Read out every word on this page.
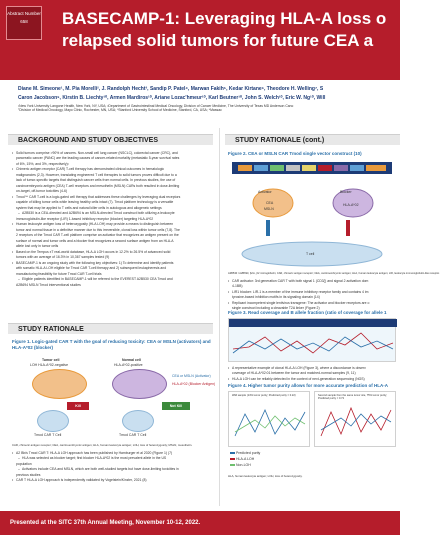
Abstract Number
658	BASECAMP-1: Leveraging HLA-A loss o
relapsed solid tumors for future CEA a
Diane M. Simeone¹, M. Pia Morelli², J. Randolph Hecht³, Sandip P. Patel⁴, Marwan Fakih⁵, Kedar Kirtane⁶, Theodore H. Welling⁷, S
Caron Jacobson⁹, Kirstin B. Liechty¹⁰, Armen Mardiros¹⁰, Ariane Lozac'hmeur¹⁰, Karl Beutner¹⁰, John S. Welch¹⁰, Eric W. Ng¹⁰, Will
¹New York University Langone Health, New York, NY, USA; ²Department of Gastrointestinal Medical Oncology, Division of Cancer Medicine, The University of Texas MD Anderson Canc
⁷Division of Medical Oncology, Mayo Clinic, Rochester, MN, USA; ⁸Stanford University School of Medicine, Stanford, CA, USA; ⁹Massac
BACKGROUND AND STUDY OBJECTIVES

• Solid tumors comprise >90% of cancers. Non-small cell lung cancer (NSCLC), colorectal cancer (CRC), and

pancreatic cancer (PANC) are the leading causes of cancer-related mortality (metastatic 5-year survival rates

of 6%, 15%, and 3%, respectively)¹

• Chimeric antigen receptor (CAR) T-cell therapy has demonstrated clinical outcomes in hematologic

malignancies (2,3). However, translating engineered T cell therapies to solid tumors proves difficult due to a

lack of tumor-specific targets that distinguish cancer cells from normal cells. In previous studies, the use of

carcinoembryonic antigen (CEA) T-cell receptors and mesothelin (MSLN) CARs both resulted in dose-limiting

on-target, off-tumor toxicities (4-6)

• Tmod™ CAR T-cell is a logic-gated cell therapy that addresses these challenges by leveraging dual receptors

capable of killing tumor cells while leaving healthy cells intact (7). Tmod platform technology is a versatile

system that may be applied to T cells and natural killer cells in autologous and allogeneic settings

– A2B530 is a CEA-directed and A2B694 is an MSLN-directed Tmod construct both utilizing a leukocyte

immunoglobulin-like receptor (LIR) 1-based inhibitory receptor (blocker) targeting HLA-A*02

• Human leukocyte antigen loss of heterozygosity (HLA LOH) may provide a means to distinguish between

tumor and normal tissue in a definitive manner due to this irreversible, clonal loss within tumor cells (7,8). The

2 receptors of the Tmod CAR T-cell platform comprise an activator that recognizes an antigen present on the

surface of normal and tumor cells and a blocker that recognizes a second surface antigen from an HLA-A

allele lost only in tumor cells

• Based on the Tempus xT real-world database, HLA-A LOH occurs in 12.2% to 26.5% of advanced solid

tumors with an average of 16.3% in 10,367 samples tested (9)

• BASECAMP-1 is an ongoing study with the following key objectives: 1) To determine and identify patients

with somatic HLA-A LOH eligible for Tmod CAR T-cell therapy and 2) subsequent leukapheresis and

manufacturing feasibility for future Tmod CAR T-cell trials

– Eligible patients identified in BASECAMP-1 will be referred to the EVEREST A2B530 CEA Tmod and

A2B694 MSLN Tmod interventional studies

STUDY RATIONALE
Figure 1. Logic-gated CAR T with the goal of reducing toxicity: CEA or MSLN (activators) and HLA-A*02 (blocker)
Tumor cell
LOH HLA-A*02-negative
Normal cell
HLA-A*02-positive
CEA or MSLN (Activator)
HLA-A*02 (Blocker Antigen)
Kill	Not Kill
Tmod CAR T Cell	Tmod CAR T Cell
CAR, chimeric antigen receptor; CEA, carcinoembryonic antigen; HLA, human leukocyte antigen; LOH, loss of heterozygosity; MSLN, mesothelin.

• A2 Bb/s Tmod CAR T: HLA-A LOH approach has been published by Hamburger et al 2020 (Figure 1) (7)

– HLA was selected as blocker target; first blocker HLA-A*02 is the most prevalent allele in the US

population

– Activators include CEA and MSLN, which are both well-studied targets but have dose-limiting toxicities in

previous studies

• CAR T HLA-A LOH approach is independently validated by Vogelstein/Kinzler, 2021 (8)

STUDY RATIONALE (cont.)
Figure 2. CEA or MSLN CAR Tmod single vector construct (10)
Activator	Blocker
CEA
MSLN
HLA-A*02
T cell
A2B530 / A2B694; β2m, β2 microglobulin; CAR, chimeric antigen receptor; CEA, carcinoembryonic antigen; HLA, human leukocyte antigen; LIR, leukocyte immunoglobulin-like receptor.

• CAR activator: 3rd generation CAR T with both signal 1 (CD3ζ) and signal 2 activation dom

4-1BB)

• LIR1 blocker: LIR-1 is a member of the immune inhibitory receptor family and contains 4 im

tyrosine-based inhibition motifs in its signaling domain (14)

• Replicant incompetent single lentivirus transgene: The activator and blocker receptors are o

single construct including a cleavable T2A linker (Figure 2)

Figure 3. Read coverage and B allele fraction (ratio of coverage for allele 1

• A representative example of clonal HLA-A LOH (Figure 3), where a discordance is observ

coverage of HLA-A*02:01 between the tumor and matched-normal samples (9, 11)

• HLA-A LOH can be reliably detected in the context of next-generation sequencing (NGS)

Figure 4. Higher tumor purity allows for more accurate prediction of HLA-A
Wild sample (14% tumor purity; Predicted purity = 0.22)	Second sample from the same tumor site, 75% tumor purity; Predicted purity = 0.72
Predicted purity
HLA-A LOH
Non-LOH
HLA, human leukocyte antigen; LOH, loss of heterozygosity.
Presented at the SITC 37th Annual Meeting, November 10-12, 2022.
